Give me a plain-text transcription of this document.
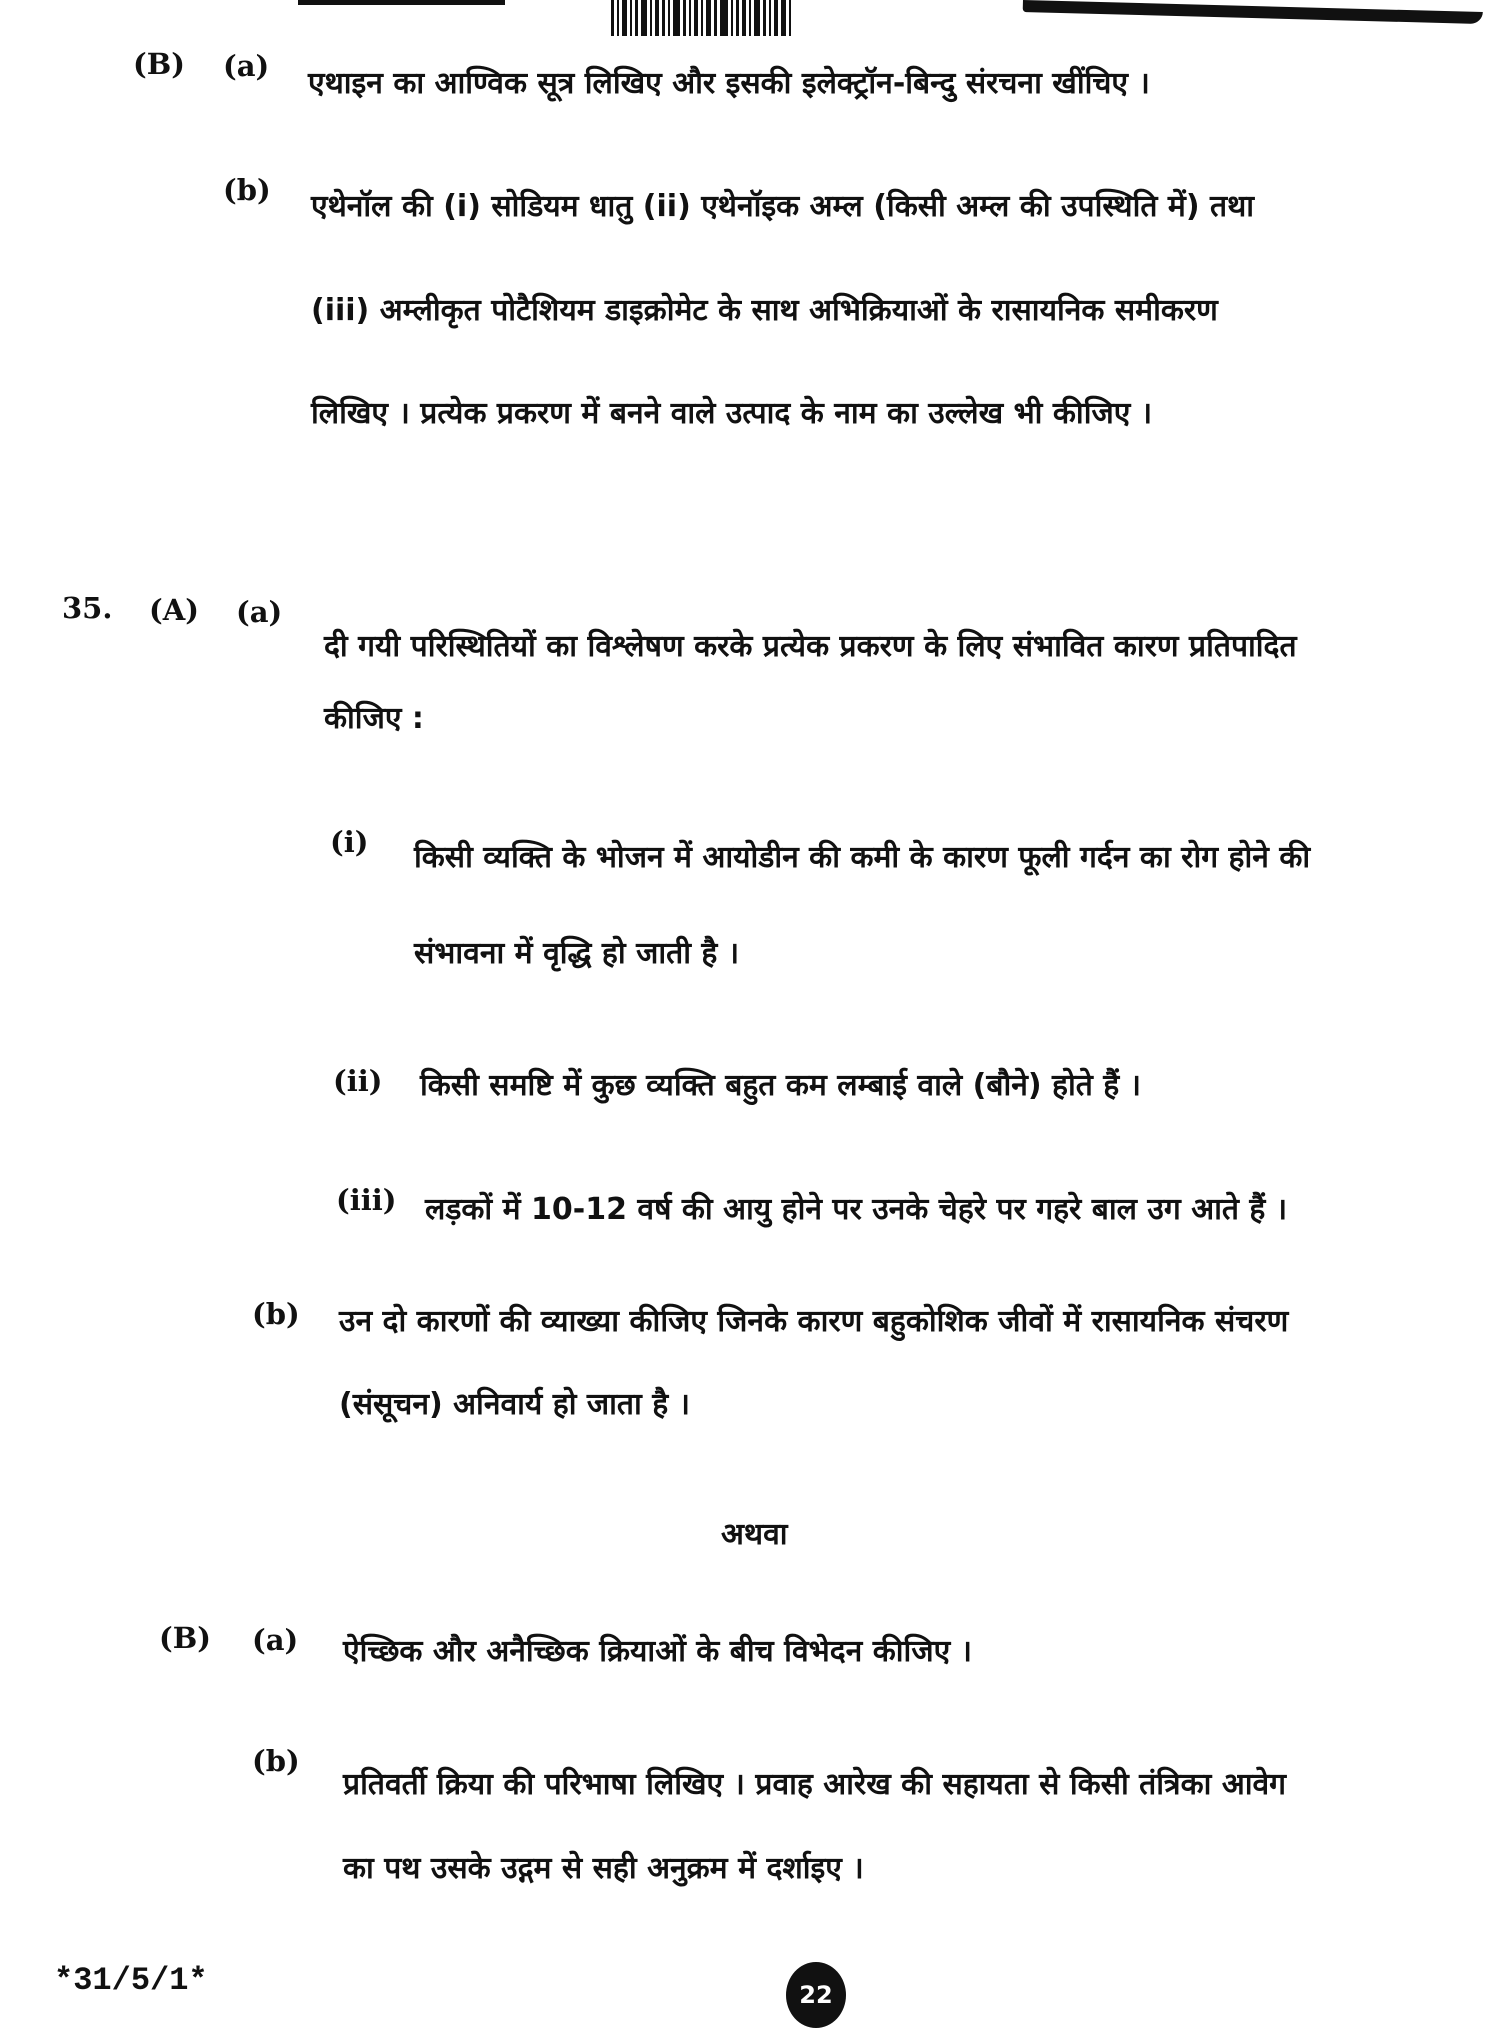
(B) (a) एथाइन का आण्विक सूत्र लिखिए और इसकी इलेक्ट्रॉन-बिन्दु संरचना खींचिए ।
(b) एथेनॉल की (i) सोडियम धातु (ii) एथेनॉइक अम्ल (किसी अम्ल की उपस्थिति में) तथा
(iii) अम्लीकृत पोटैशियम डाइक्रोमेट के साथ अभिक्रियाओं के रासायनिक समीकरण
लिखिए । प्रत्येक प्रकरण में बनने वाले उत्पाद के नाम का उल्लेख भी कीजिए ।
35. (A) (a)
दी गयी परिस्थितियों का विश्लेषण करके प्रत्येक प्रकरण के लिए संभावित कारण प्रतिपादित
कीजिए :
(i) किसी व्यक्ति के भोजन में आयोडीन की कमी के कारण फूली गर्दन का रोग होने की
संभावना में वृद्धि हो जाती है ।
(ii) किसी समष्टि में कुछ व्यक्ति बहुत कम लम्बाई वाले (बौने) होते हैं ।
(iii) लड़कों में 10-12 वर्ष की आयु होने पर उनके चेहरे पर गहरे बाल उग आते हैं ।
(b) उन दो कारणों की व्याख्या कीजिए जिनके कारण बहुकोशिक जीवों में रासायनिक संचरण
(संसूचन) अनिवार्य हो जाता है ।
अथवा
(B) (a) ऐच्छिक और अनैच्छिक क्रियाओं के बीच विभेदन कीजिए ।
(b)
प्रतिवर्ती क्रिया की परिभाषा लिखिए । प्रवाह आरेख की सहायता से किसी तंत्रिका आवेग
का पथ उसके उद्गम से सही अनुक्रम में दर्शाइए ।
*31/5/1*	22
